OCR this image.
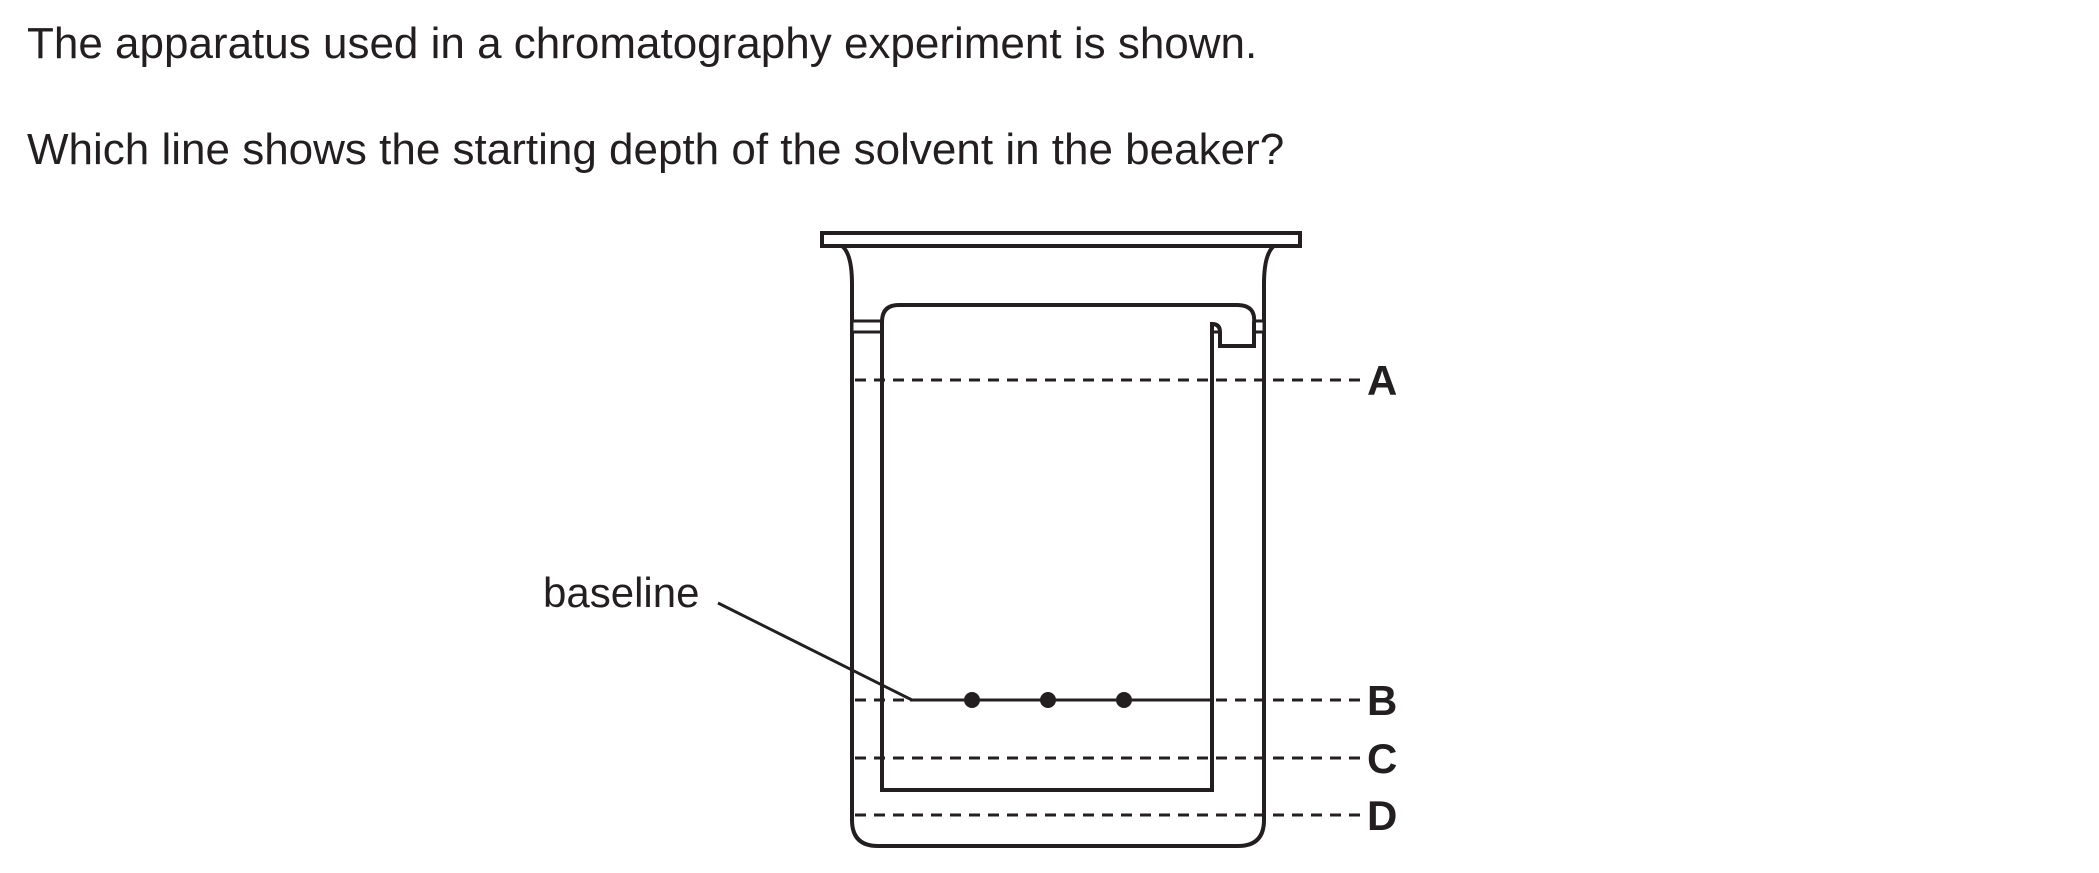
The apparatus used in a chromatography experiment is shown.

Which line shows the starting depth of the solvent in the beaker?

baseline
A
B
C
D
